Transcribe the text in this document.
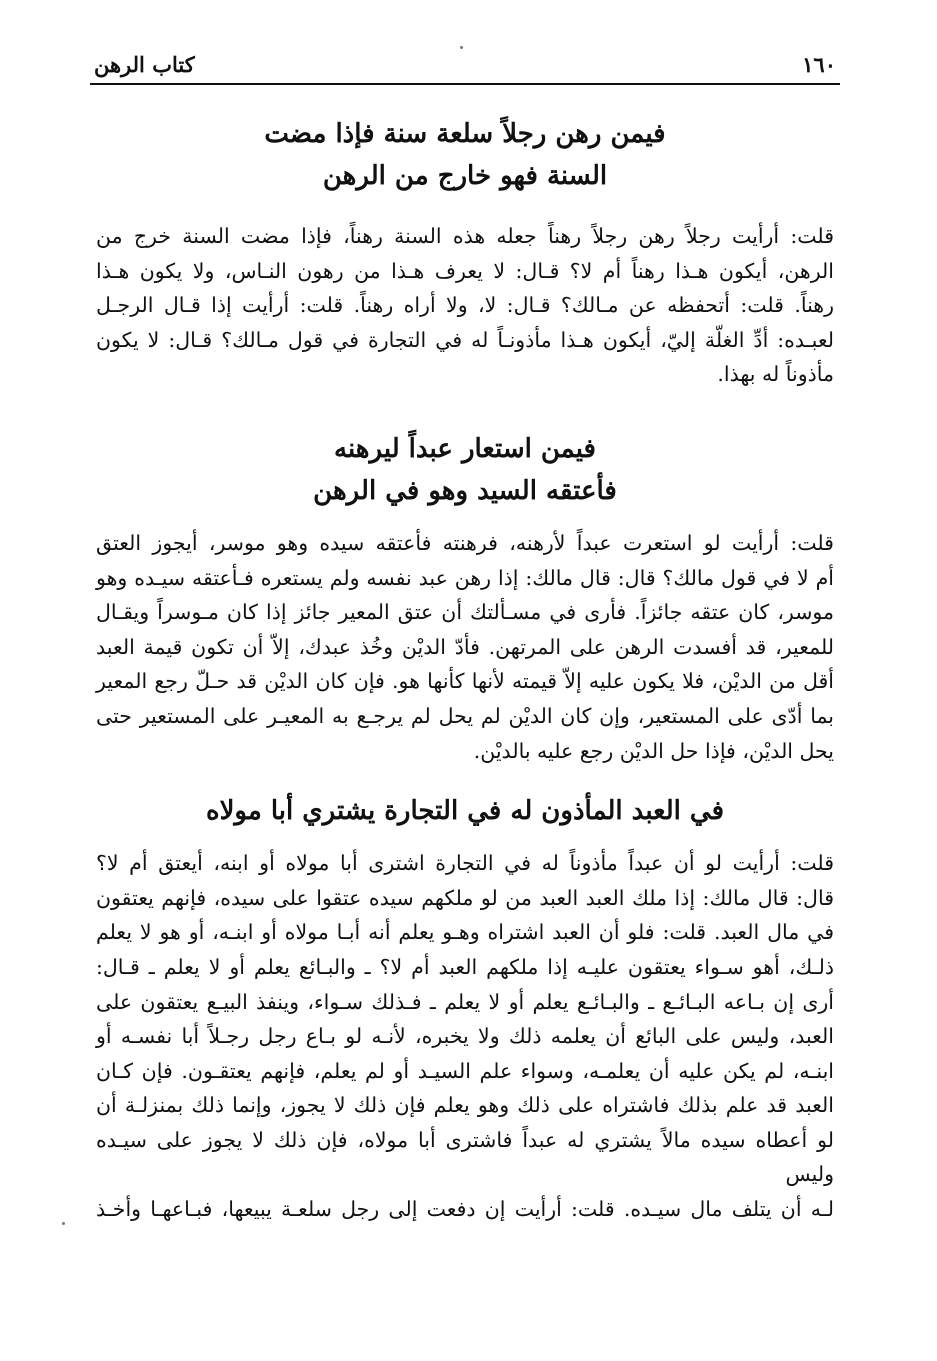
١٦٠
كتاب الرهن
فيمن رهن رجلاً سلعة سنة فإذا مضت
السنة فهو خارج من الرهن

قلت: أرأيت رجلاً رهن رجلاً رهناً جعله هذه السنة رهناً، فإذا مضت السنة خرج من
الرهن، أيكون هـذا رهناً أم لا؟ قـال: لا يعرف هـذا من رهون النـاس، ولا يكون هـذا
رهناً. قلت: أتحفظه عن مـالك؟ قـال: لا، ولا أراه رهناً. قلت: أرأيت إذا قـال الرجـل
لعبـده: أدِّ الغلّة إليّ، أيكون هـذا مأذونـاً له في التجارة في قول مـالك؟ قـال: لا يكون
مأذوناً له بهذا.

فيمن استعار عبداً ليرهنه
فأعتقه السيد وهو في الرهن

قلت: أرأيت لو استعرت عبداً لأرهنه، فرهنته فأعتقه سيده وهو موسر، أيجوز العتق
أم لا في قول مالك؟ قال: قال مالك: إذا رهن عبد نفسه ولم يستعره فـأعتقه سيـده وهو
موسر، كان عتقه جائزاً. فأرى في مسـألتك أن عتق المعير جائز إذا كان مـوسراً ويقـال
للمعير، قد أفسدت الرهن على المرتهن. فأدّ الديْن وخُذ عبدك، إلاّ أن تكون قيمة العبد
أقل من الديْن، فلا يكون عليه إلاّ قيمته لأنها كأنها هو. فإن كان الديْن قد حـلّ رجع المعير
بما أدّى على المستعير، وإن كان الديْن لم يحل لم يرجـع به المعيـر على المستعير حتى
يحل الديْن، فإذا حل الديْن رجع عليه بالديْن.

في العبد المأذون له في التجارة يشتري أبا مولاه

قلت: أرأيت لو أن عبداً مأذوناً له في التجارة اشترى أبا مولاه أو ابنه، أيعتق أم لا؟
قال: قال مالك: إذا ملك العبد العبد من لو ملكهم سيده عتقوا على سيده، فإنهم يعتقون
في مال العبد. قلت: فلو أن العبد اشتراه وهـو يعلم أنه أبـا مولاه أو ابنـه، أو هو لا يعلم
ذلـك، أهو سـواء يعتقون عليـه إذا ملكهم العبد أم لا؟ ـ والبـائع يعلم أو لا يعلم ـ قـال:
أرى إن بـاعه البـائـع ـ والبـائـع يعلم أو لا يعلم ـ فـذلك سـواء، وينفذ البيـع يعتقون على
العبد، وليس على البائع أن يعلمه ذلك ولا يخبره، لأنـه لو بـاع رجل رجـلاً أبا نفسـه أو
ابنـه، لم يكن عليه أن يعلمـه، وسواء علم السيـد أو لم يعلم، فإنهم يعتقـون. فإن كـان
العبد قد علم بذلك فاشتراه على ذلك وهو يعلم فإن ذلك لا يجوز، وإنما ذلك بمنزلـة أن
لو أعطاه سيده مالاً يشتري له عبداً فاشترى أبا مولاه، فإن ذلك لا يجوز على سيـده وليس
لـه أن يتلف مال سيـده. قلت: أرأيت إن دفعت إلى رجل سلعـة يبيعها، فبـاعهـا وأخـذ
